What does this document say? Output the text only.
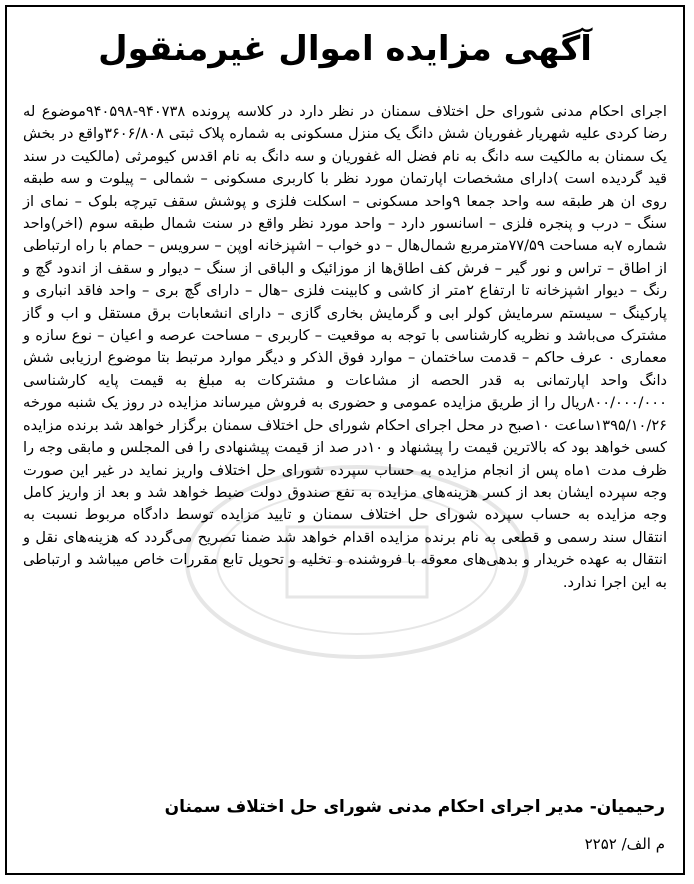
آگهی مزایده اموال غیرمنقول
اجرای احکام مدنی شورای حل اختلاف سمنان در نظر دارد در کلاسه پرونده ۹۴۰۷۳۸-۹۴۰۵۹۸موضوع له رضا کردی علیه شهریار غفوریان شش دانگ یک منزل مسکونی به شماره پلاک ثبتی ۳۶۰۶/۸۰۸واقع در بخش یک سمنان به مالکیت سه دانگ به نام فضل اله غفوریان و سه دانگ به نام اقدس کیومرثی (مالکیت در سند قید گردیده است )دارای مشخصات اپارتمان مورد نظر با کاربری مسکونی – شمالی – پیلوت و سه طبقه روی ان هر طبقه سه واحد جمعا ۹واحد مسکونی – اسکلت فلزی و پوشش سقف تیرچه بلوک – نمای از سنگ – درب و پنجره فلزی – اسانسور دارد – واحد مورد نظر واقع در سنت شمال طبقه سوم (اخر)واحد شماره ۷به مساحت ۷۷/۵۹مترمربع شمال‌هال – دو خواب – اشپزخانه اوپن – سرویس – حمام با راه ارتباطی از اطاق – تراس و نور گیر – فرش کف اطاق‌ها از موزائیک و الباقی از سنگ – دیوار و سقف از اندود گچ و رنگ – دیوار اشپزخانه تا ارتفاع ۲متر از کاشی و کابینت فلزی –هال – دارای گچ بری – واحد فاقد انباری و پارکینگ – سیستم سرمایش کولر ابی و گرمایش بخاری گازی – دارای انشعابات برق مستقل و اب و گاز مشترک می‌باشد و نظریه کارشناسی با توجه به موقعیت – کاربری – مساحت عرصه و اعیان – نوع سازه و معماری ۰ عرف حاکم – قدمت ساختمان – موارد فوق الذکر و دیگر موارد مرتبط بتا موضوع ارزیابی شش دانگ واحد اپارتمانی به قدر الحصه از مشاعات و مشترکات به مبلغ به قیمت پایه کارشناسی ۸۰۰/۰۰۰/۰۰۰ریال را از طریق مزایده عمومی و حضوری به فروش میرساند مزایده در روز یک شنبه مورخه ۱۳۹۵/۱۰/۲۶ساعت ۱۰صبح در محل اجرای احکام شورای حل اختلاف سمنان برگزار خواهد شد برنده مزایده کسی خواهد بود که بالاترین قیمت را پیشنهاد و ۱۰در صد از قیمت پیشنهادی را فی المجلس و مابقی وجه را ظرف مدت ۱ماه پس از انجام مزایده به حساب سپرده شورای حل اختلاف واریز نماید در غیر این صورت وجه سپرده ایشان بعد از کسر هزینه‌های مزایده به نفع صندوق دولت ضبط خواهد شد و بعد از واریز کامل وجه مزایده به حساب سپرده شورای حل اختلاف سمنان و تایید مزایده توسط دادگاه مربوط نسبت به انتقال سند رسمی و قطعی به نام برنده مزایده اقدام خواهد شد ضمنا تصریح می‌گردد که هزینه‌های نقل و انتقال به عهده خریدار و بدهی‌های معوقه با فروشنده و تخلیه و تحویل تابع مقررات خاص میباشد و ارتباطی به این اجرا ندارد.
رحیمیان- مدیر اجرای احکام مدنی شورای حل اختلاف سمنان
م الف/ ۲۲۵۲
